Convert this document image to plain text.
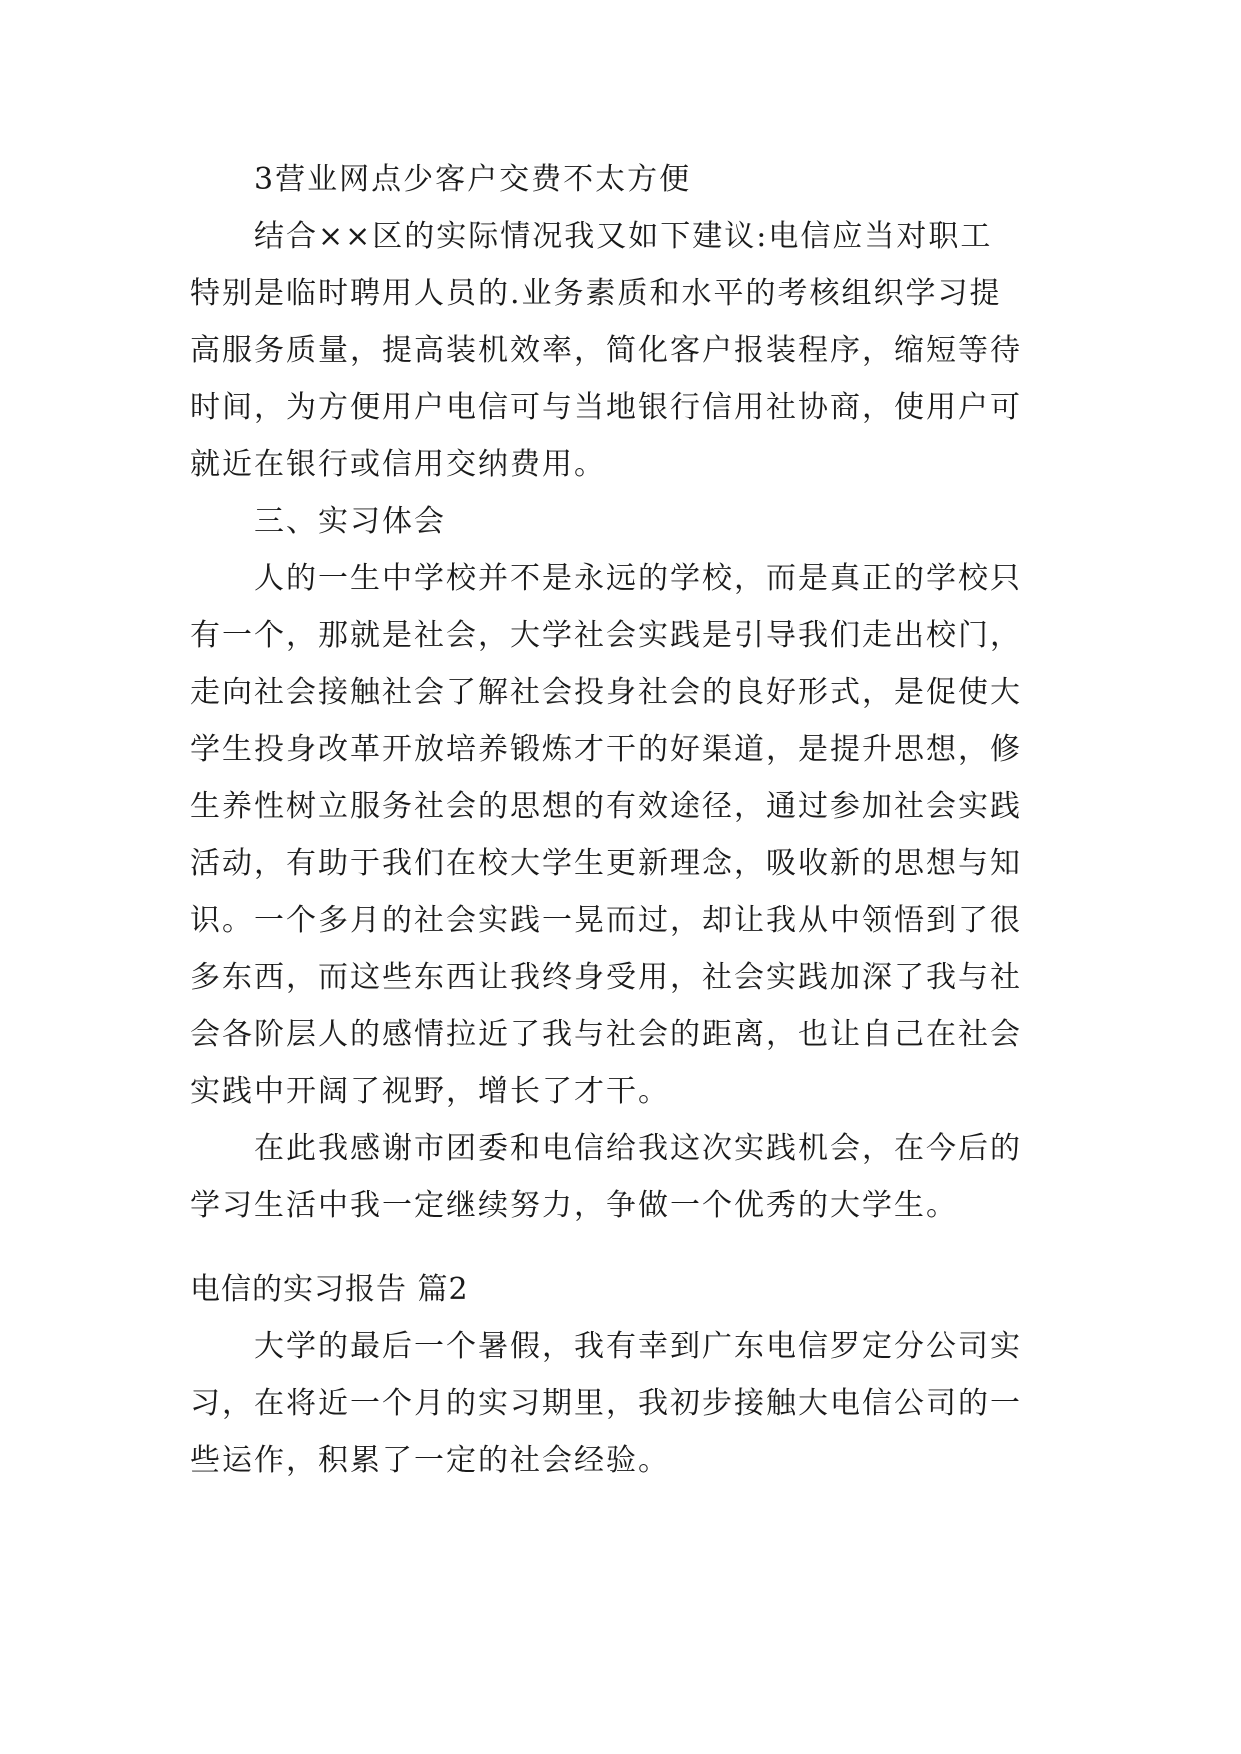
3营业网点少客户交费不太方便
结合××区的实际情况我又如下建议:电信应当对职工
特别是临时聘用人员的.业务素质和水平的考核组织学习提
高服务质量，提高装机效率，简化客户报装程序，缩短等待
时间，为方便用户电信可与当地银行信用社协商，使用户可
就近在银行或信用交纳费用。
三、实习体会
人的一生中学校并不是永远的学校，而是真正的学校只
有一个，那就是社会，大学社会实践是引导我们走出校门，
走向社会接触社会了解社会投身社会的良好形式，是促使大
学生投身改革开放培养锻炼才干的好渠道，是提升思想，修
生养性树立服务社会的思想的有效途径，通过参加社会实践
活动，有助于我们在校大学生更新理念，吸收新的思想与知
识。一个多月的社会实践一晃而过，却让我从中领悟到了很
多东西，而这些东西让我终身受用，社会实践加深了我与社
会各阶层人的感情拉近了我与社会的距离，也让自己在社会
实践中开阔了视野，增长了才干。
在此我感谢市团委和电信给我这次实践机会，在今后的
学习生活中我一定继续努力，争做一个优秀的大学生。
电信的实习报告 篇2
大学的最后一个暑假，我有幸到广东电信罗定分公司实
习，在将近一个月的实习期里，我初步接触大电信公司的一
些运作，积累了一定的社会经验。
